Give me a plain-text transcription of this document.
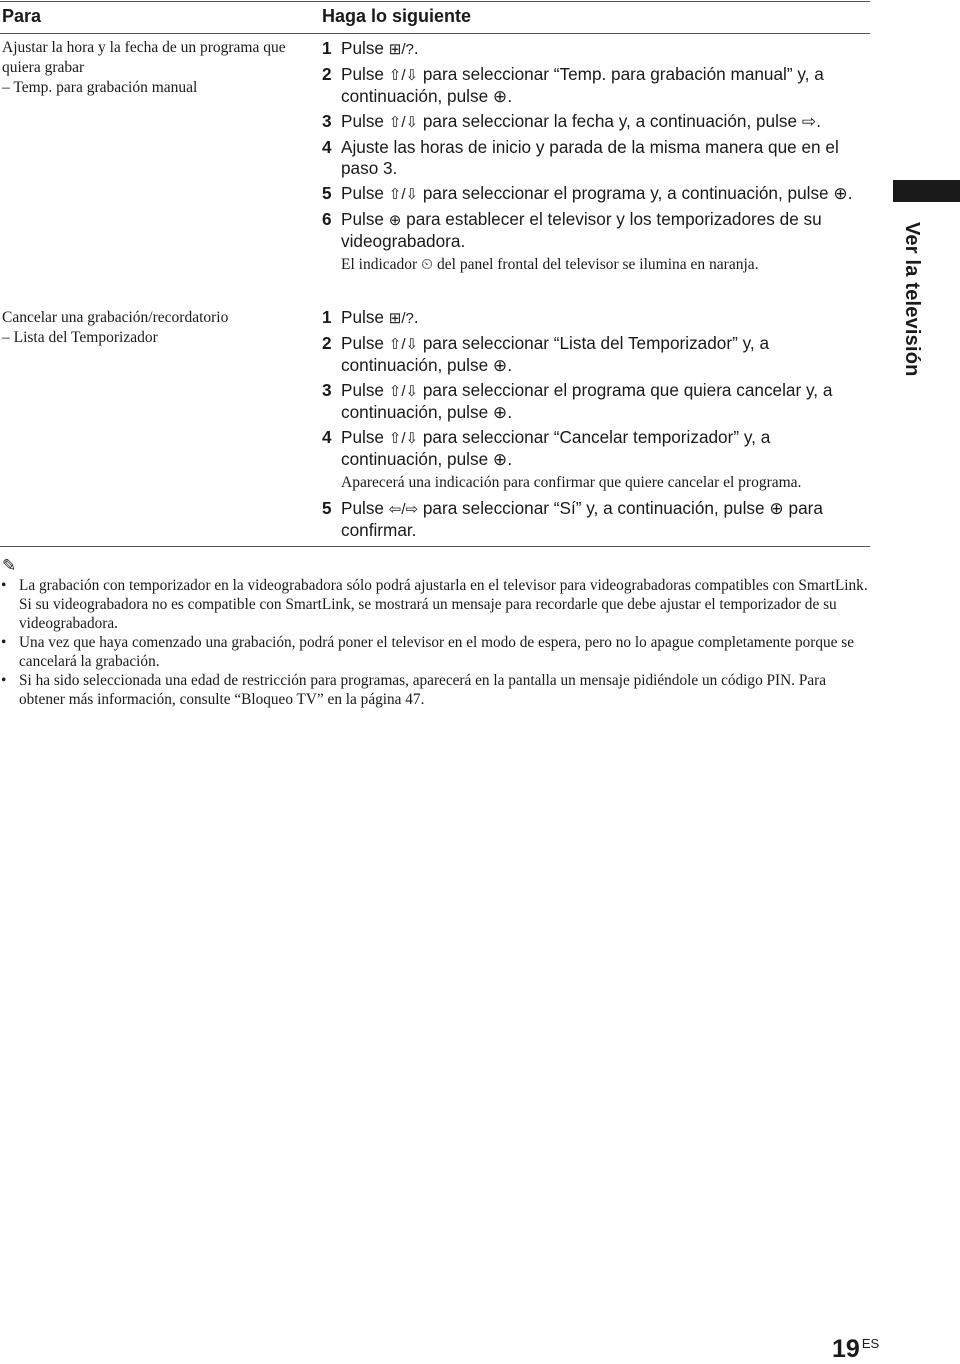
Para	Haga lo siguiente
Ajustar la hora y la fecha de un programa que quiera grabar
– Temp. para grabación manual
1 Pulse ⊞/?.
2 Pulse ⇧/⇩ para seleccionar “Temp. para grabación manual” y, a continuación, pulse ⊕.
3 Pulse ⇧/⇩ para seleccionar la fecha y, a continuación, pulse ⇨.
4 Ajuste las horas de inicio y parada de la misma manera que en el paso 3.
5 Pulse ⇧/⇩ para seleccionar el programa y, a continuación, pulse ⊕.
6 Pulse ⊕ para establecer el televisor y los temporizadores de su videograbadora.
El indicador ⏲ del panel frontal del televisor se ilumina en naranja.
Cancelar una grabación/recordatorio
– Lista del Temporizador
1 Pulse ⊞/?.
2 Pulse ⇧/⇩ para seleccionar “Lista del Temporizador” y, a continuación, pulse ⊕.
3 Pulse ⇧/⇩ para seleccionar el programa que quiera cancelar y, a continuación, pulse ⊕.
4 Pulse ⇧/⇩ para seleccionar “Cancelar temporizador” y, a continuación, pulse ⊕.
Aparecerá una indicación para confirmar que quiere cancelar el programa.
5 Pulse ⇦/⇨ para seleccionar “Sí” y, a continuación, pulse ⊕ para confirmar.
✎
• La grabación con temporizador en la videograbadora sólo podrá ajustarla en el televisor para videograbadoras compatibles con SmartLink. Si su videograbadora no es compatible con SmartLink, se mostrará un mensaje para recordarle que debe ajustar el temporizador de su videograbadora.
• Una vez que haya comenzado una grabación, podrá poner el televisor en el modo de espera, pero no lo apague completamente porque se cancelará la grabación.
• Si ha sido seleccionada una edad de restricción para programas, aparecerá en la pantalla un mensaje pidiéndole un código PIN. Para obtener más información, consulte “Bloqueo TV” en la página 47.
Ver la televisión
19 $^{ES}$
